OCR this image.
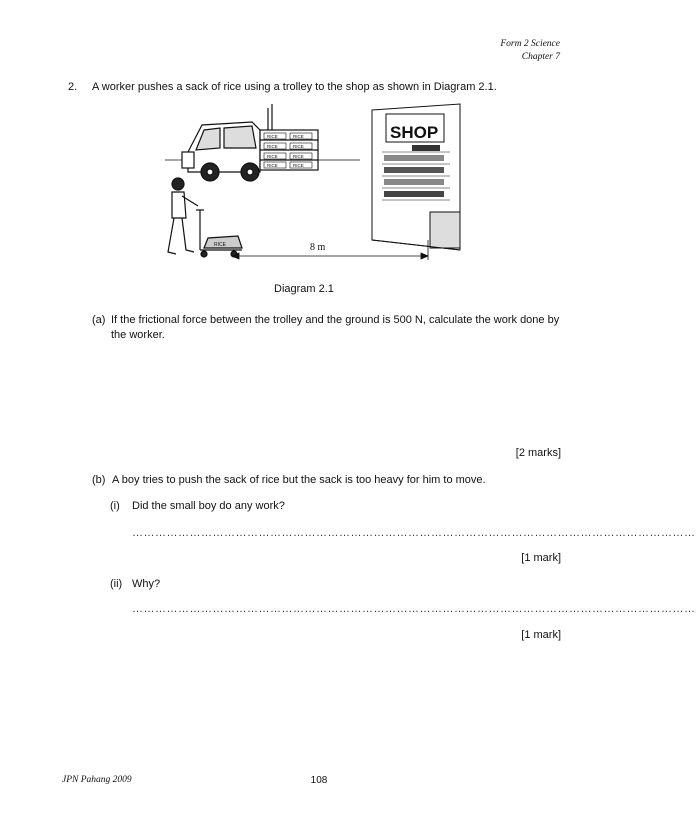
Form 2 Science
Chapter 7
2. A worker pushes a sack of rice using a trolley to the shop as shown in Diagram 2.1.
RICE	RICE
RICE	RICE
RICE	RICE
RICE	RICE
SHOP
RICE	8 m
Diagram 2.1
(a) If the frictional force between the trolley and the ground is 500 N, calculate the work done by the worker.
[2 marks]
(b) A boy tries to push the sack of rice but the sack is too heavy for him to move.
(i) Did the small boy do any work?
…………………………………………………………………………………………………………………………………
[1 mark]
(ii) Why?
…………………………………………………………………………………………………………………………………
[1 mark]
JPN Pahang 2009	108
